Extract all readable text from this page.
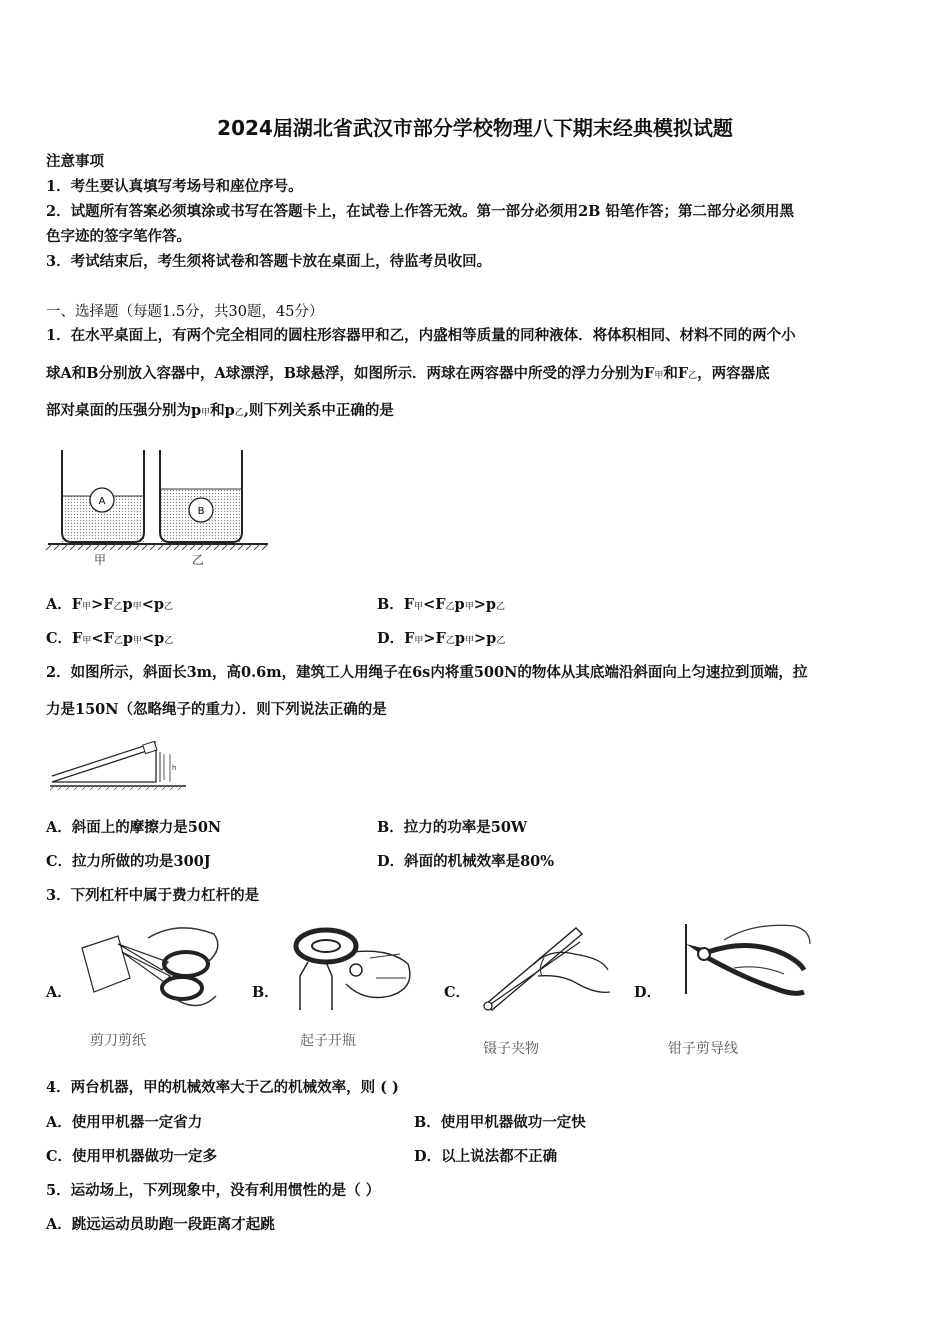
2024届湖北省武汉市部分学校物理八下期末经典模拟试题
注意事项
1．考生要认真填写考场号和座位序号。
2．试题所有答案必须填涂或书写在答题卡上，在试卷上作答无效。第一部分必须用2B 铅笔作答；第二部分必须用黑
色字迹的签字笔作答。
3．考试结束后，考生须将试卷和答题卡放在桌面上，待监考员收回。
一、选择题（每题1.5分，共30题，45分）
1．在水平桌面上，有两个完全相同的圆柱形容器甲和乙，内盛相等质量的同种液体．将体积相同、材料不同的两个小
球A和B分别放入容器中，A球漂浮，B球悬浮，如图所示．两球在两容器中所受的浮力分别为F甲和F乙，两容器底
部对桌面的压强分别为p甲和p乙,则下列关系中正确的是
A
B
甲	乙
A．F甲>F乙p甲<p乙	B．F甲<F乙p甲>p乙
C．F甲<F乙p甲<p乙	D．F甲>F乙p甲>p乙
2．如图所示，斜面长3m，高0.6m，建筑工人用绳子在6s内将重500N的物体从其底端沿斜面向上匀速拉到顶端，拉
力是150N（忽略绳子的重力）．则下列说法正确的是
h
A．斜面上的摩擦力是50N	B．拉力的功率是50W
C．拉力所做的功是300J	D．斜面的机械效率是80%
3．下列杠杆中属于费力杠杆的是
A．
剪刀剪纸
B．
起子开瓶
C．
镊子夹物
D．
钳子剪导线
4．两台机器，甲的机械效率大于乙的机械效率，则 ( )
A．使用甲机器一定省力	B．使用甲机器做功一定快
C．使用甲机器做功一定多	D．以上说法都不正确
5．运动场上，下列现象中，没有利用惯性的是（ ）
A．跳远运动员助跑一段距离才起跳
